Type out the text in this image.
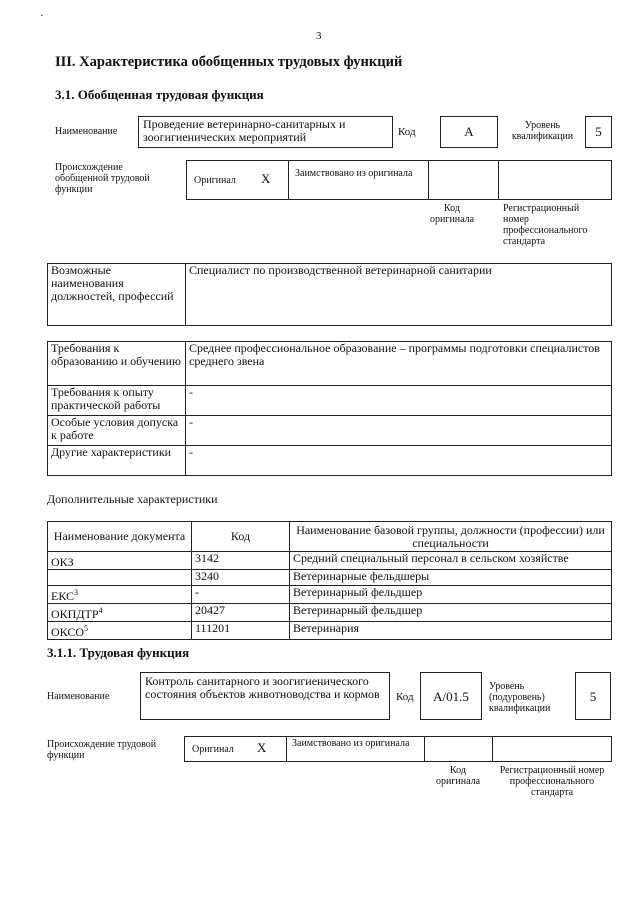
·
3
III. Характеристика обобщенных трудовых функций
3.1. Обобщенная трудовая функция
Наименование
Проведение ветеринарно-санитарных и зоогигиенических мероприятий	Код	A	Уровень квалификации	5
Происхождение обобщенной трудовой функции
Оригинал X Заимствовано из оригинала
Код оригинала
Регистрационный номер профессионального стандарта
Возможные наименования должностей, профессий	Специалист по производственной ветеринарной санитарии
Требования к образованию и обучению	Среднее профессиональное образование – программы подготовки специалистов среднего звена
Требования к опыту практической работы	-
Особые условия допуска к работе	-
Другие характеристики	-
Дополнительные характеристики
Наименование документа	Код	Наименование базовой группы, должности (профессии) или специальности
ОКЗ	3142	Средний специальный персонал в сельском хозяйстве
	3240	Ветеринарные фельдшеры
ЕКС$^3$	-	Ветеринарный фельдшер
ОКПДТР$^4$	20427	Ветеринарный фельдшер
ОКСО$^5$	111201	Ветеринария
3.1.1. Трудовая функция
Наименование
Контроль санитарного и зоогигиенического состояния объектов животноводства и кормов	Код	A/01.5
Уровень (подуровень) квалификации
5
Происхождение трудовой функции
Оригинал X	Заимствовано из оригинала
Код оригинала
Регистрационный номер профессионального стандарта
